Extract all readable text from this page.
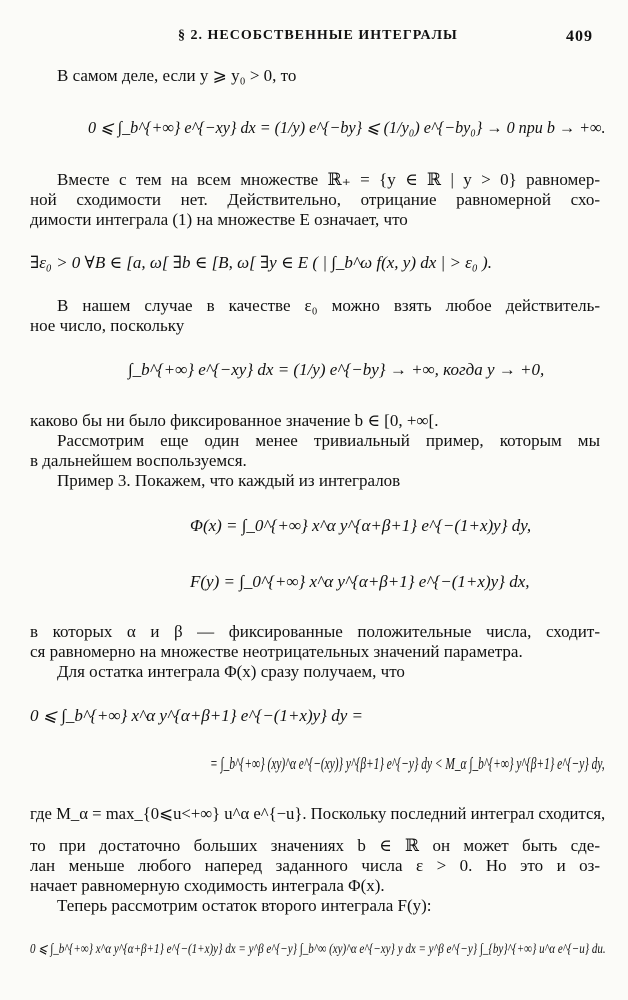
§ 2. НЕСОБСТВЕННЫЕ ИНТЕГРАЛЫ	409
В самом деле, если y ⩾ y₀ > 0, то
0 ⩽ ∫_b^{+∞} e^{−xy} dx = (1/y) e^{−by} ⩽ (1/y₀) e^{−by₀} → 0 при b → +∞.
Вместе с тем на всем множестве ℝ₊ = {y ∈ ℝ | y > 0} равномер-
ной сходимости нет. Действительно, отрицание равномерной схо-
димости интеграла (1) на множестве E означает, что
∃ε₀ > 0 ∀B ∈ [a, ω[ ∃b ∈ [B, ω[ ∃y ∈ E ( | ∫_b^ω f(x, y) dx | > ε₀ ).
В нашем случае в качестве ε₀ можно взять любое действитель-
ное число, поскольку
∫_b^{+∞} e^{−xy} dx = (1/y) e^{−by} → +∞, когда y → +0,
каково бы ни было фиксированное значение b ∈ [0, +∞[.
Рассмотрим еще один менее тривиальный пример, которым мы
в дальнейшем воспользуемся.
Пример 3. Покажем, что каждый из интегралов
Φ(x) = ∫_0^{+∞} x^α y^{α+β+1} e^{−(1+x)y} dy,
F(y) = ∫_0^{+∞} x^α y^{α+β+1} e^{−(1+x)y} dx,
в которых α и β — фиксированные положительные числа, сходит-
ся равномерно на множестве неотрицательных значений параметра.
Для остатка интеграла Φ(x) сразу получаем, что
0 ⩽ ∫_b^{+∞} x^α y^{α+β+1} e^{−(1+x)y} dy =
= ∫_b^{+∞} (xy)^α e^{−(xy)} y^{β+1} e^{−y} dy < M_α ∫_b^{+∞} y^{β+1} e^{−y} dy,
где M_α = max_{0⩽u<+∞} u^α e^{−u}. Поскольку последний интеграл сходится,
то при достаточно больших значениях b ∈ ℝ он может быть сде-
лан меньше любого наперед заданного числа ε > 0. Но это и оз-
начает равномерную сходимость интеграла Φ(x).
Теперь рассмотрим остаток второго интеграла F(y):
0 ⩽ ∫_b^{+∞} x^α y^{α+β+1} e^{−(1+x)y} dx = y^β e^{−y} ∫_b^∞ (xy)^α e^{−xy} y dx = y^β e^{−y} ∫_{by}^{+∞} u^α e^{−u} du.
